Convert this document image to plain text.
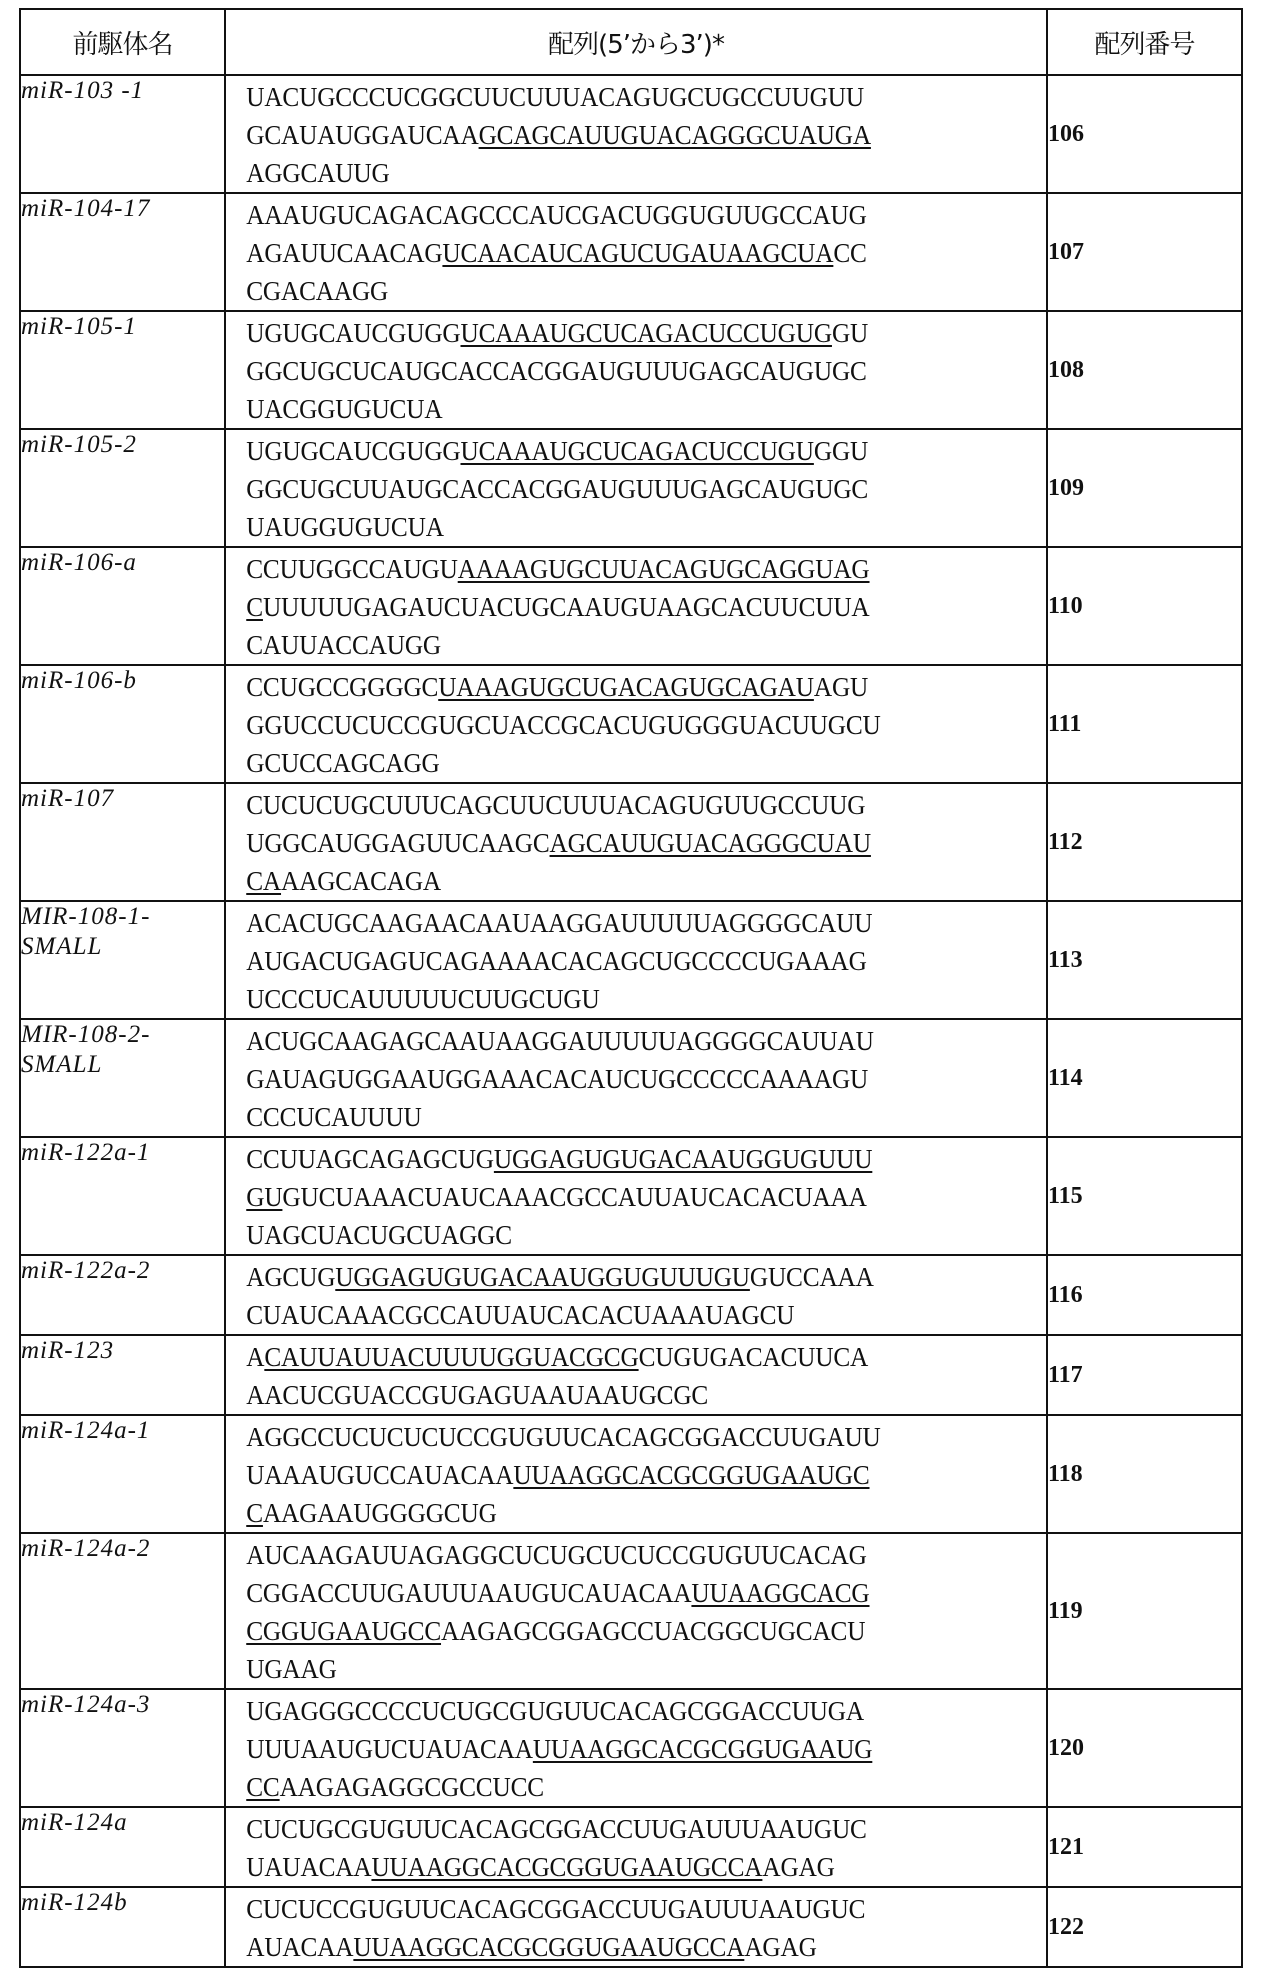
前駆体名	配列(5’から3’)*	配列番号
miR-103 -1	UACUGCCCUCGGCUUCUUUACAGUGCUGCCUUGUU
GCAUAUGGAUCAAGCAGCAUUGUACAGGGCUAUGA
AGGCAUUG	106
miR-104-17	AAAUGUCAGACAGCCCAUCGACUGGUGUUGCCAUG
AGAUUCAACAGUCAACAUCAGUCUGAUAAGCUACC
CGACAAGG	107
miR-105-1	UGUGCAUCGUGGUCAAAUGCUCAGACUCCUGUGGU
GGCUGCUCAUGCACCACGGAUGUUUGAGCAUGUGC
UACGGUGUCUA	108
miR-105-2	UGUGCAUCGUGGUCAAAUGCUCAGACUCCUGUGGU
GGCUGCUUAUGCACCACGGAUGUUUGAGCAUGUGC
UAUGGUGUCUA	109
miR-106-a	CCUUGGCCAUGUAAAAGUGCUUACAGUGCAGGUAG
CUUUUUGAGAUCUACUGCAAUGUAAGCACUUCUUA
CAUUACCAUGG	110
miR-106-b	CCUGCCGGGGCUAAAGUGCUGACAGUGCAGAUAGU
GGUCCUCUCCGUGCUACCGCACUGUGGGUACUUGCU
GCUCCAGCAGG	111
miR-107	CUCUCUGCUUUCAGCUUCUUUACAGUGUUGCCUUG
UGGCAUGGAGUUCAAGCAGCAUUGUACAGGGCUAU
CAAAGCACAGA	112
MIR-108-1-
SMALL	ACACUGCAAGAACAAUAAGGAUUUUUAGGGGCAUU
AUGACUGAGUCAGAAAACACAGCUGCCCCUGAAAG
UCCCUCAUUUUUCUUGCUGU	113
MIR-108-2-
SMALL	ACUGCAAGAGCAAUAAGGAUUUUUAGGGGCAUUAU
GAUAGUGGAAUGGAAACACAUCUGCCCCCAAAAGU
CCCUCAUUUU	114
miR-122a-1	CCUUAGCAGAGCUGUGGAGUGUGACAAUGGUGUUU
GUGUCUAAACUAUCAAACGCCAUUAUCACACUAAA
UAGCUACUGCUAGGC	115
miR-122a-2	AGCUGUGGAGUGUGACAAUGGUGUUUGUGUCCAAA
CUAUCAAACGCCAUUAUCACACUAAAUAGCU	116
miR-123	ACAUUAUUACUUUUGGUACGCGCUGUGACACUUCA
AACUCGUACCGUGAGUAAUAAUGCGC	117
miR-124a-1	AGGCCUCUCUCUCCGUGUUCACAGCGGACCUUGAUU
UAAAUGUCCAUACAAUUAAGGCACGCGGUGAAUGC
CAAGAAUGGGGCUG	118
miR-124a-2	AUCAAGAUUAGAGGCUCUGCUCUCCGUGUUCACAG
CGGACCUUGAUUUAAUGUCAUACAAUUAAGGCACG
CGGUGAAUGCCAAGAGCGGAGCCUACGGCUGCACU
UGAAG	119
miR-124a-3	UGAGGGCCCCUCUGCGUGUUCACAGCGGACCUUGA
UUUAAUGUCUAUACAAUUAAGGCACGCGGUGAAUG
CCAAGAGAGGCGCCUCC	120
miR-124a	CUCUGCGUGUUCACAGCGGACCUUGAUUUAAUGUC
UAUACAAUUAAGGCACGCGGUGAAUGCCAAGAG	121
miR-124b	CUCUCCGUGUUCACAGCGGACCUUGAUUUAAUGUC
AUACAAUUAAGGCACGCGGUGAAUGCCAAGAG	122
